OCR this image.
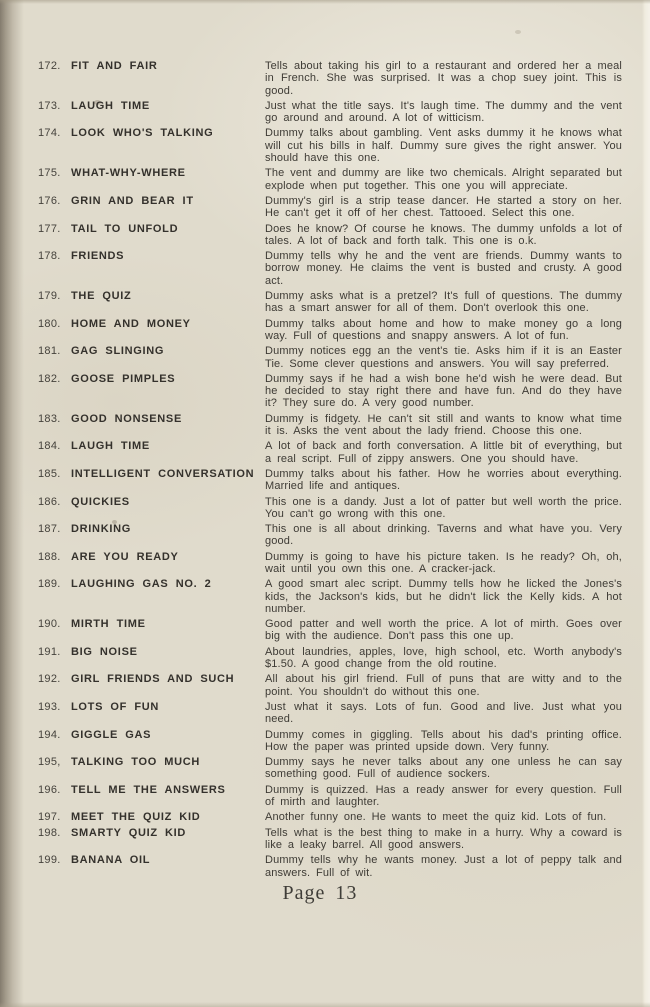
172. FIT AND FAIR	Tells about taking his girl to a restaurant and ordered her a meal in French. She was surprised. It was a chop suey joint. This is good.
173. LAUGH TIME	Just what the title says. It's laugh time. The dummy and the vent go around and around. A lot of witticism.
174. LOOK WHO'S TALKING	Dummy talks about gambling. Vent asks dummy it he knows what will cut his bills in half. Dummy sure gives the right answer. You should have this one.
175. WHAT-WHY-WHERE	The vent and dummy are like two chemicals. Alright separated but explode when put together. This one you will appreciate.
176. GRIN AND BEAR IT	Dummy's girl is a strip tease dancer. He started a story on her. He can't get it off of her chest. Tattooed. Select this one.
177. TAIL TO UNFOLD	Does he know? Of course he knows. The dummy unfolds a lot of tales. A lot of back and forth talk. This one is o.k.
178. FRIENDS	Dummy tells why he and the vent are friends. Dummy wants to borrow money. He claims the vent is busted and crusty. A good act.
179. THE QUIZ	Dummy asks what is a pretzel? It's full of questions. The dummy has a smart answer for all of them. Don't overlook this one.
180. HOME AND MONEY	Dummy talks about home and how to make money go a long way. Full of questions and snappy answers. A lot of fun.
181. GAG SLINGING	Dummy notices egg an the vent's tie. Asks him if it is an Easter Tie. Some clever questions and answers. You will say preferred.
182. GOOSE PIMPLES	Dummy says if he had a wish bone he'd wish he were dead. But he decided to stay right there and have fun. And do they have it? They sure do. A very good number.
183. GOOD NONSENSE	Dummy is fidgety. He can't sit still and wants to know what time it is. Asks the vent about the lady friend. Choose this one.
184. LAUGH TIME	A lot of back and forth conversation. A little bit of everything, but a real script. Full of zippy answers. One you should have.
185. INTELLIGENT CONVERSATION Dummy talks about his father. How he worries about everything. Married life and antiques.
186. QUICKIES	This one is a dandy. Just a lot of patter but well worth the price. You can't go wrong with this one.
187. DRINKING	This one is all about drinking. Taverns and what have you. Very good.
188. ARE YOU READY	Dummy is going to have his picture taken. Is he ready? Oh, oh, wait until you own this one. A cracker-jack.
189. LAUGHING GAS NO. 2	A good smart alec script. Dummy tells how he licked the Jones's kids, the Jackson's kids, but he didn't lick the Kelly kids. A hot number.
190. MIRTH TIME	Good patter and well worth the price. A lot of mirth. Goes over big with the audience. Don't pass this one up.
191. BIG NOISE	About laundries, apples, love, high school, etc. Worth anybody's $1.50. A good change from the old routine.
192. GIRL FRIENDS AND SUCH	All about his girl friend. Full of puns that are witty and to the point. You shouldn't do without this one.
193. LOTS OF FUN	Just what it says. Lots of fun. Good and live. Just what you need.
194. GIGGLE GAS	Dummy comes in giggling. Tells about his dad's printing office. How the paper was printed upside down. Very funny.
195, TALKING TOO MUCH	Dummy says he never talks about any one unless he can say something good. Full of audience sockers.
196. TELL ME THE ANSWERS	Dummy is quizzed. Has a ready answer for every question. Full of mirth and laughter.
197. MEET THE QUIZ KID	Another funny one. He wants to meet the quiz kid. Lots of fun.
198. SMARTY QUIZ KID	Tells what is the best thing to make in a hurry. Why a coward is like a leaky barrel. All good answers.
199. BANANA OIL	Dummy tells why he wants money. Just a lot of peppy talk and answers. Full of wit.
Page 13
